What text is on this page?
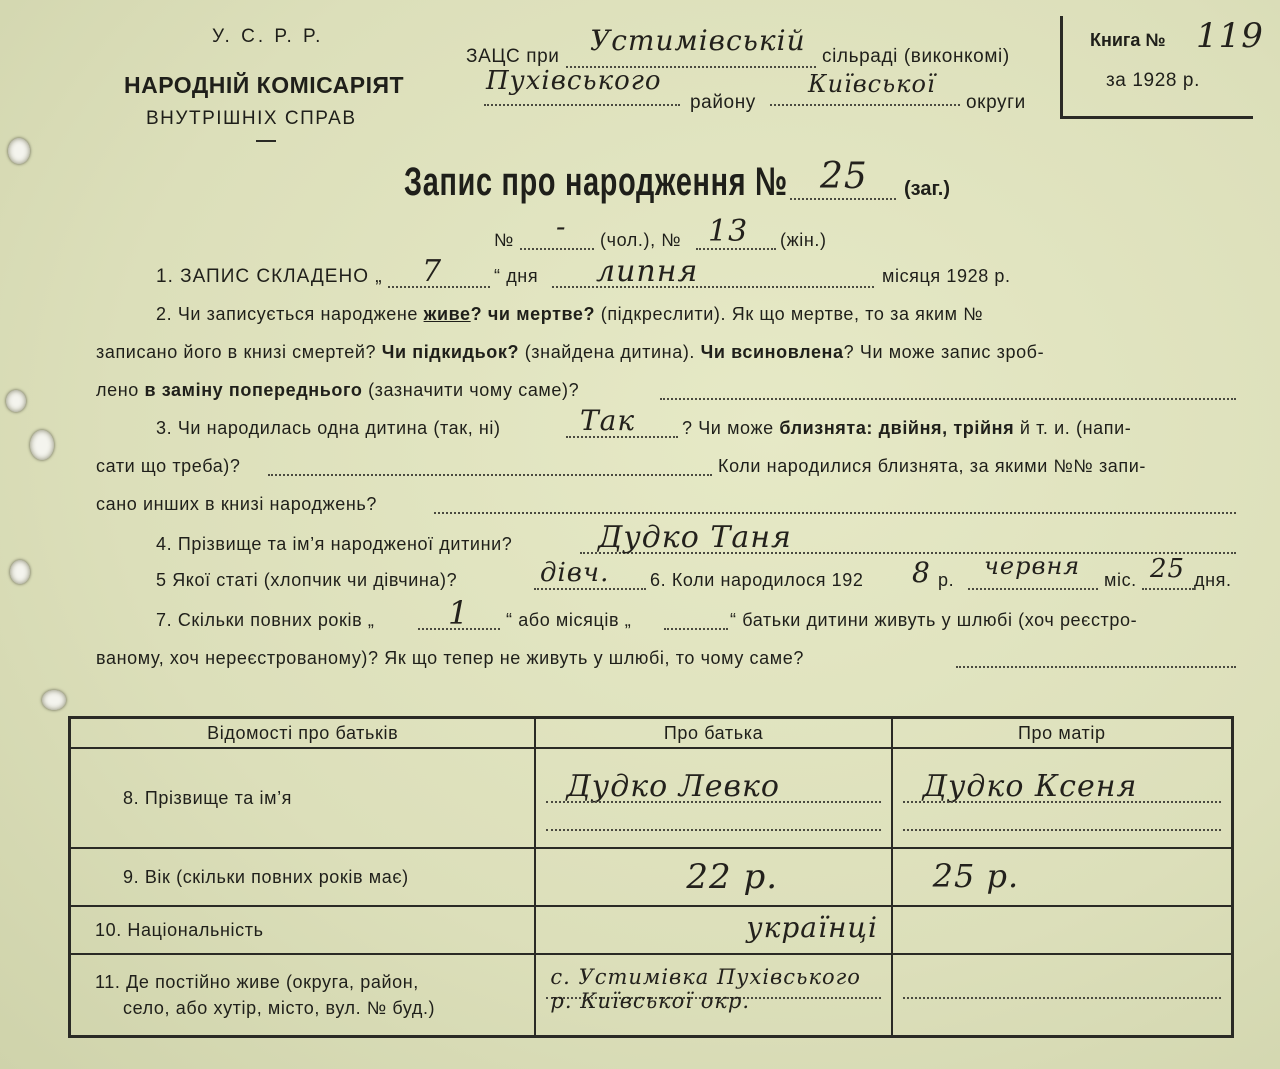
У. С. Р. Р.
НАРОДНІЙ КОМІСАРІЯТ
ВНУТРІШНІХ СПРАВ
ЗАЦС при Устимівській сільраді (виконкомі)
Пухівського
району
Київської
округи
Книга № 119
за 1928 р.
Запис про народження № 25 (заг.)
№ - (чол.), № 13 (жін.)
1. ЗАПИС СКЛАДЕНО „ 7	“ дня липня	місяця 1928 р.
2. Чи записується народжене живе? чи мертве? (підкреслити). Як що мертве, то за яким №
записано його в книзі смертей? Чи підкидьок? (знайдена дитина). Чи всиновлена? Чи може запис зроб-
лено в заміну попереднього (зазначити чому саме)?
3. Чи народилась одна дитина (так, ні)	Так	? Чи може близнята: двійня, трійня й т. и. (напи-
сати що треба)?	Коли народилися близнята, за якими №№ запи-
сано инших в книзі народжень?
4. Прізвище та ім’я народженої дитини?	Дудко Таня
5 Якої статі (хлопчик чи дівчина)?	дівч. 6. Коли народилося 192 8 р. червня міс. 25 дня.
7. Скільки повних років „ 1 “ або місяців „	“ батьки дитини живуть у шлюбі (хоч реєстро-
ваному, хоч нереєстрованому)? Як що тепер не живуть у шлюбі, то чому саме?
Відомості про батьків	Про батька	Про матір
8. Прізвище та ім’я	Дудко Левко	Дудко Ксеня

9. Вік (скільки повних років має)	22 р.	25 р.

10. Національність	українці	

11. Де постійно живе (округа, район,
село, або хутір, місто, вул. № буд.)	с. Устимівка Пухівського р. Київської окр.	
